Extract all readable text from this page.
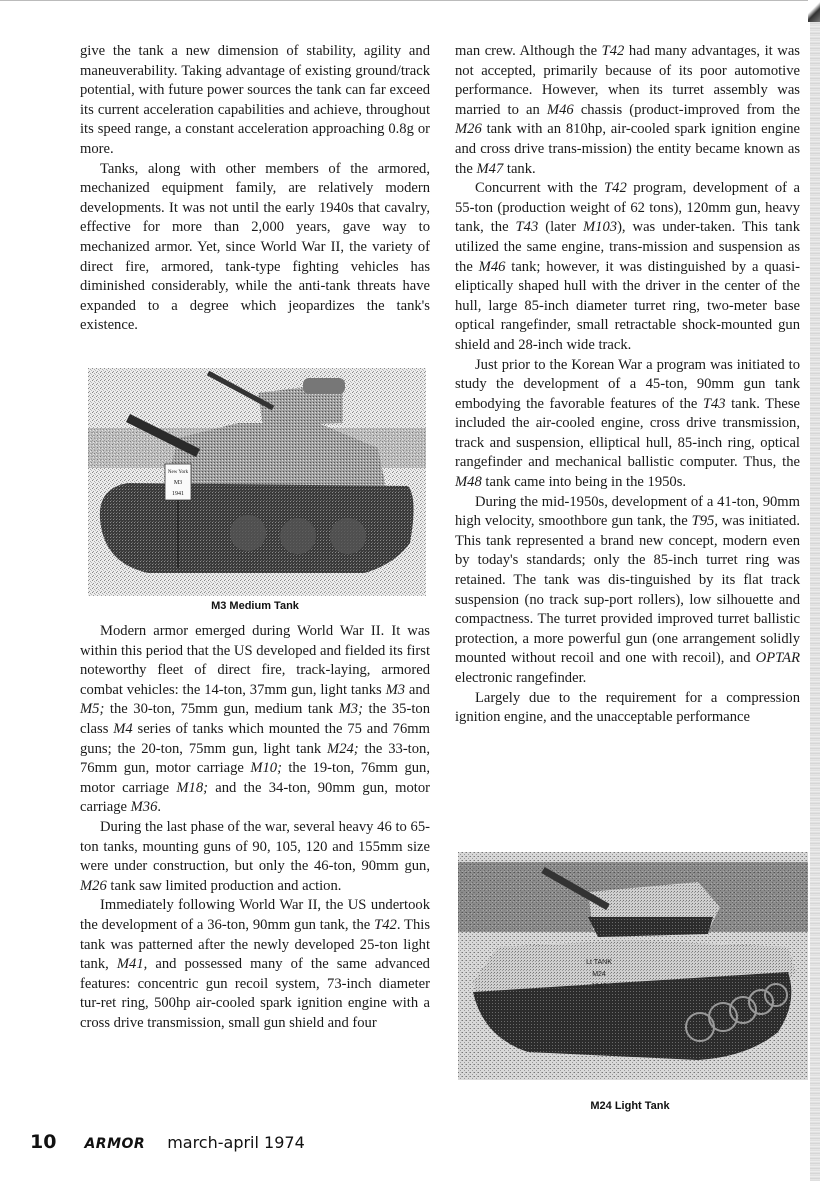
give the tank a new dimension of stability, agility and maneuverability. Taking advantage of existing ground/track potential, with future power sources the tank can far exceed its current acceleration capabilities and achieve, throughout its speed range, a constant acceleration approaching 0.8g or more.

Tanks, along with other members of the armored, mechanized equipment family, are relatively modern developments. It was not until the early 1940s that cavalry, effective for more than 2,000 years, gave way to mechanized armor. Yet, since World War II, the variety of direct fire, armored, tank-type fighting vehicles has diminished considerably, while the anti-tank threats have expanded to a degree which jeopardizes the tank's existence.

New York
M3
1941
M3 Medium Tank

Modern armor emerged during World War II. It was within this period that the US developed and fielded its first noteworthy fleet of direct fire, track-laying, armored combat vehicles: the 14-ton, 37mm gun, light tanks M3 and M5; the 30-ton, 75mm gun, medium tank M3; the 35-ton class M4 series of tanks which mounted the 75 and 76mm guns; the 20-ton, 75mm gun, light tank M24; the 33-ton, 76mm gun, motor carriage M10; the 19-ton, 76mm gun, motor carriage M18; and the 34-ton, 90mm gun, motor carriage M36.

During the last phase of the war, several heavy 46 to 65-ton tanks, mounting guns of 90, 105, 120 and 155mm size were under construction, but only the 46-ton, 90mm gun, M26 tank saw limited production and action.

Immediately following World War II, the US undertook the development of a 36-ton, 90mm gun tank, the T42. This tank was patterned after the newly developed 25-ton light tank, M41, and possessed many of the same advanced features: concentric gun recoil system, 73-inch diameter tur-ret ring, 500hp air-cooled spark ignition engine with a cross drive transmission, small gun shield and four

man crew. Although the T42 had many advantages, it was not accepted, primarily because of its poor automotive performance. However, when its turret assembly was married to an M46 chassis (product-improved from the M26 tank with an 810hp, air-cooled spark ignition engine and cross drive trans-mission) the entity became known as the M47 tank.

Concurrent with the T42 program, development of a 55-ton (production weight of 62 tons), 120mm gun, heavy tank, the T43 (later M103), was under-taken. This tank utilized the same engine, trans-mission and suspension as the M46 tank; however, it was distinguished by a quasi-eliptically shaped hull with the driver in the center of the hull, large 85-inch diameter turret ring, two-meter base optical rangefinder, small retractable shock-mounted gun shield and 28-inch wide track.

Just prior to the Korean War a program was initiated to study the development of a 45-ton, 90mm gun tank embodying the favorable features of the T43 tank. These included the air-cooled engine, cross drive transmission, track and suspension, elliptical hull, 85-inch ring, optical rangefinder and mechanical ballistic computer. Thus, the M48 tank came into being in the 1950s.

During the mid-1950s, development of a 41-ton, 90mm high velocity, smoothbore gun tank, the T95, was initiated. This tank represented a brand new concept, modern even by today's standards; only the 85-inch turret ring was retained. The tank was dis-tinguished by its flat track suspension (no track sup-port rollers), low silhouette and compactness. The turret provided improved turret ballistic protection, a more powerful gun (one arrangement solidly mounted without recoil and one with recoil), and OPTAR electronic rangefinder.

Largely due to the requirement for a compression ignition engine, and the unacceptable performance

Lt TANK
M24
1943
M24 Light Tank
10 ARMOR march-april 1974
